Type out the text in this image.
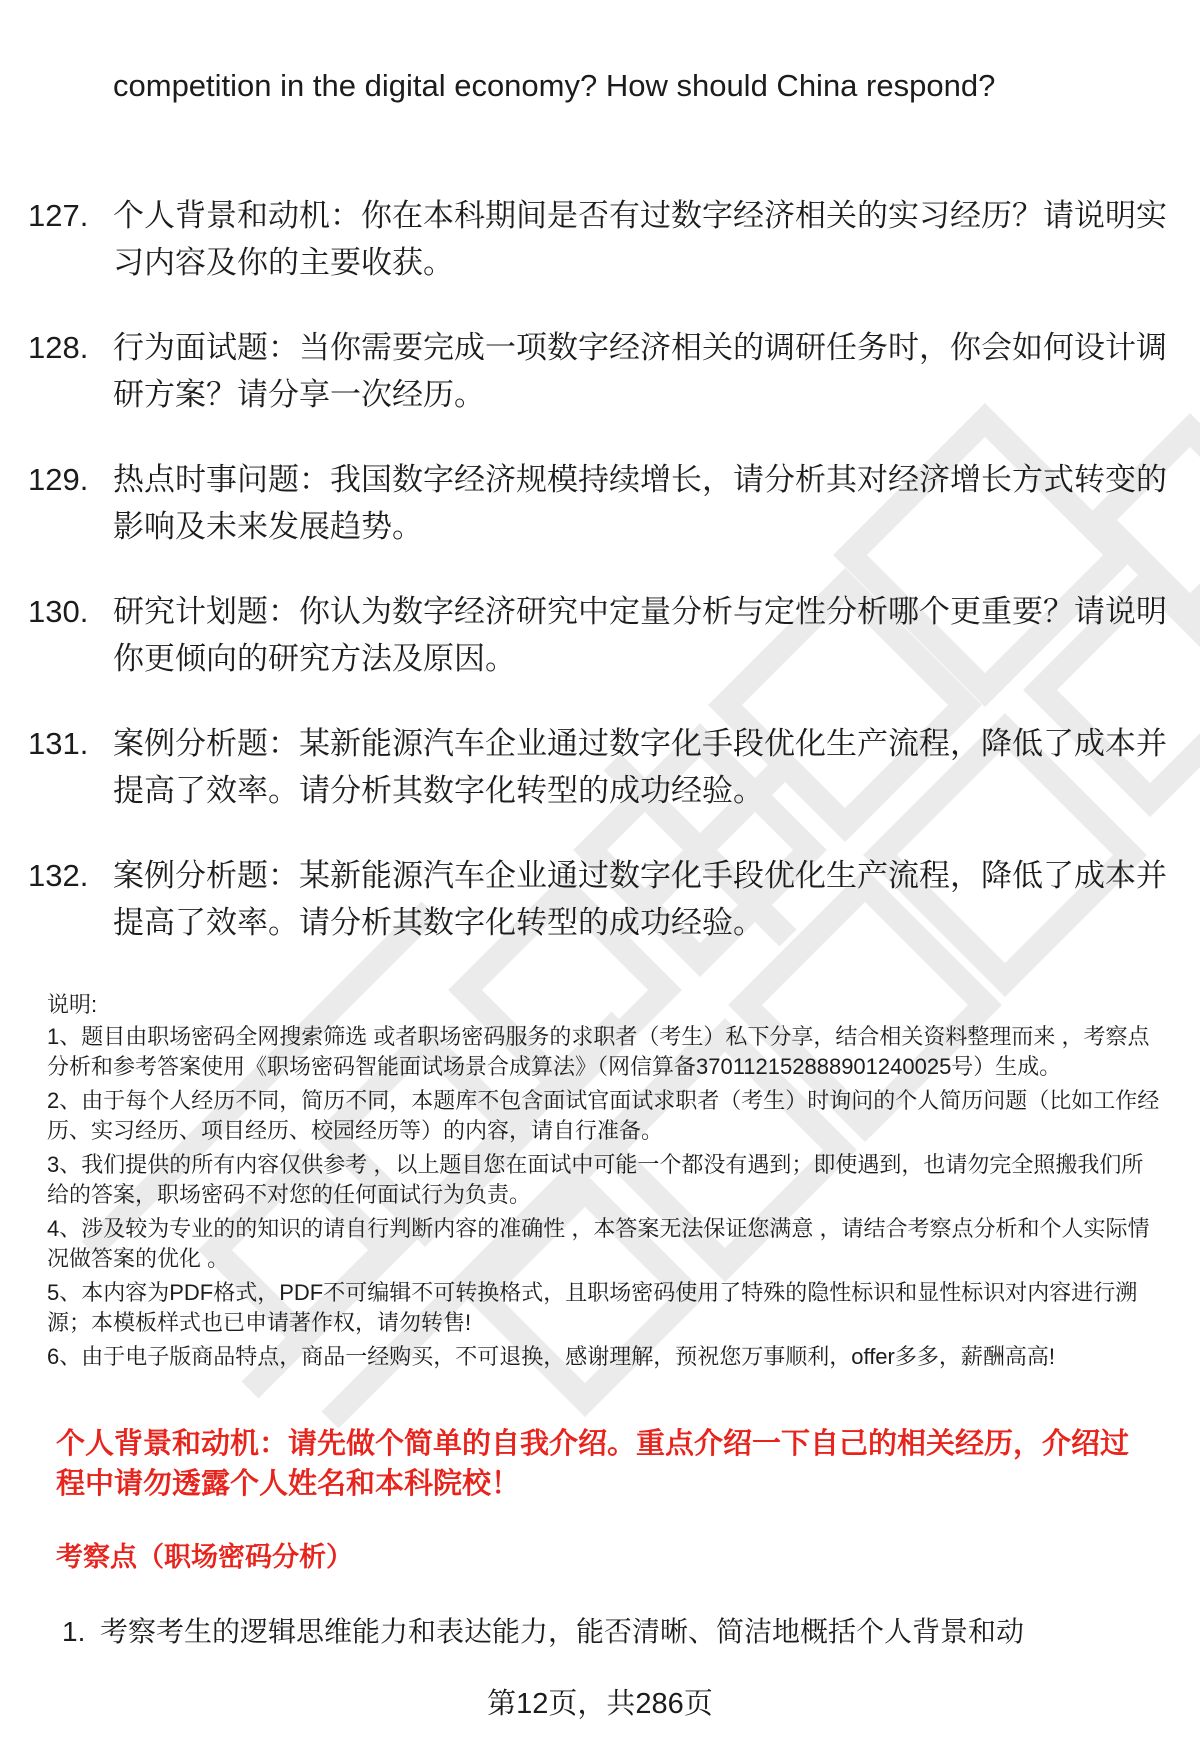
competition in the digital economy? How should China respond?
127. 个人背景和动机：你在本科期间是否有过数字经济相关的实习经历？请说明实习内容及你的主要收获。
128. 行为面试题：当你需要完成一项数字经济相关的调研任务时，你会如何设计调研方案？请分享一次经历。
129. 热点时事问题：我国数字经济规模持续增长，请分析其对经济增长方式转变的影响及未来发展趋势。
130. 研究计划题：你认为数字经济研究中定量分析与定性分析哪个更重要？请说明你更倾向的研究方法及原因。
131. 案例分析题：某新能源汽车企业通过数字化手段优化生产流程，降低了成本并提高了效率。请分析其数字化转型的成功经验。
132. 案例分析题：某新能源汽车企业通过数字化手段优化生产流程，降低了成本并提高了效率。请分析其数字化转型的成功经验。

说明:

1、题目由职场密码全网搜索筛选 或者职场密码服务的求职者（考生）私下分享，结合相关资料整理而来 ，考察点分析和参考答案使用《职场密码智能面试场景合成算法》（网信算备370112152888901240025号）生成。

2、由于每个人经历不同，简历不同，本题库不包含面试官面试求职者（考生）时询问的个人简历问题（比如工作经历、实习经历、项目经历、校园经历等）的内容，请自行准备。

3、我们提供的所有内容仅供参考 ，以上题目您在面试中可能一个都没有遇到；即使遇到，也请勿完全照搬我们所给的答案，职场密码不对您的任何面试行为负责。

4、涉及较为专业的的知识的请自行判断内容的准确性 ，本答案无法保证您满意 ，请结合考察点分析和个人实际情况做答案的优化 。

5、本内容为PDF格式，PDF不可编辑不可转换格式，且职场密码使用了特殊的隐性标识和显性标识对内容进行溯源；本模板样式也已申请著作权，请勿转售!

6、由于电子版商品特点，商品一经购买，不可退换，感谢理解，预祝您万事顺利，offer多多，薪酬高高!

个人背景和动机：请先做个简单的自我介绍。重点介绍一下自己的相关经历，介绍过程中请勿透露个人姓名和本科院校！
考察点（职场密码分析）
1. 考察考生的逻辑思维能力和表达能力，能否清晰、简洁地概括个人背景和动
第12页，共286页
